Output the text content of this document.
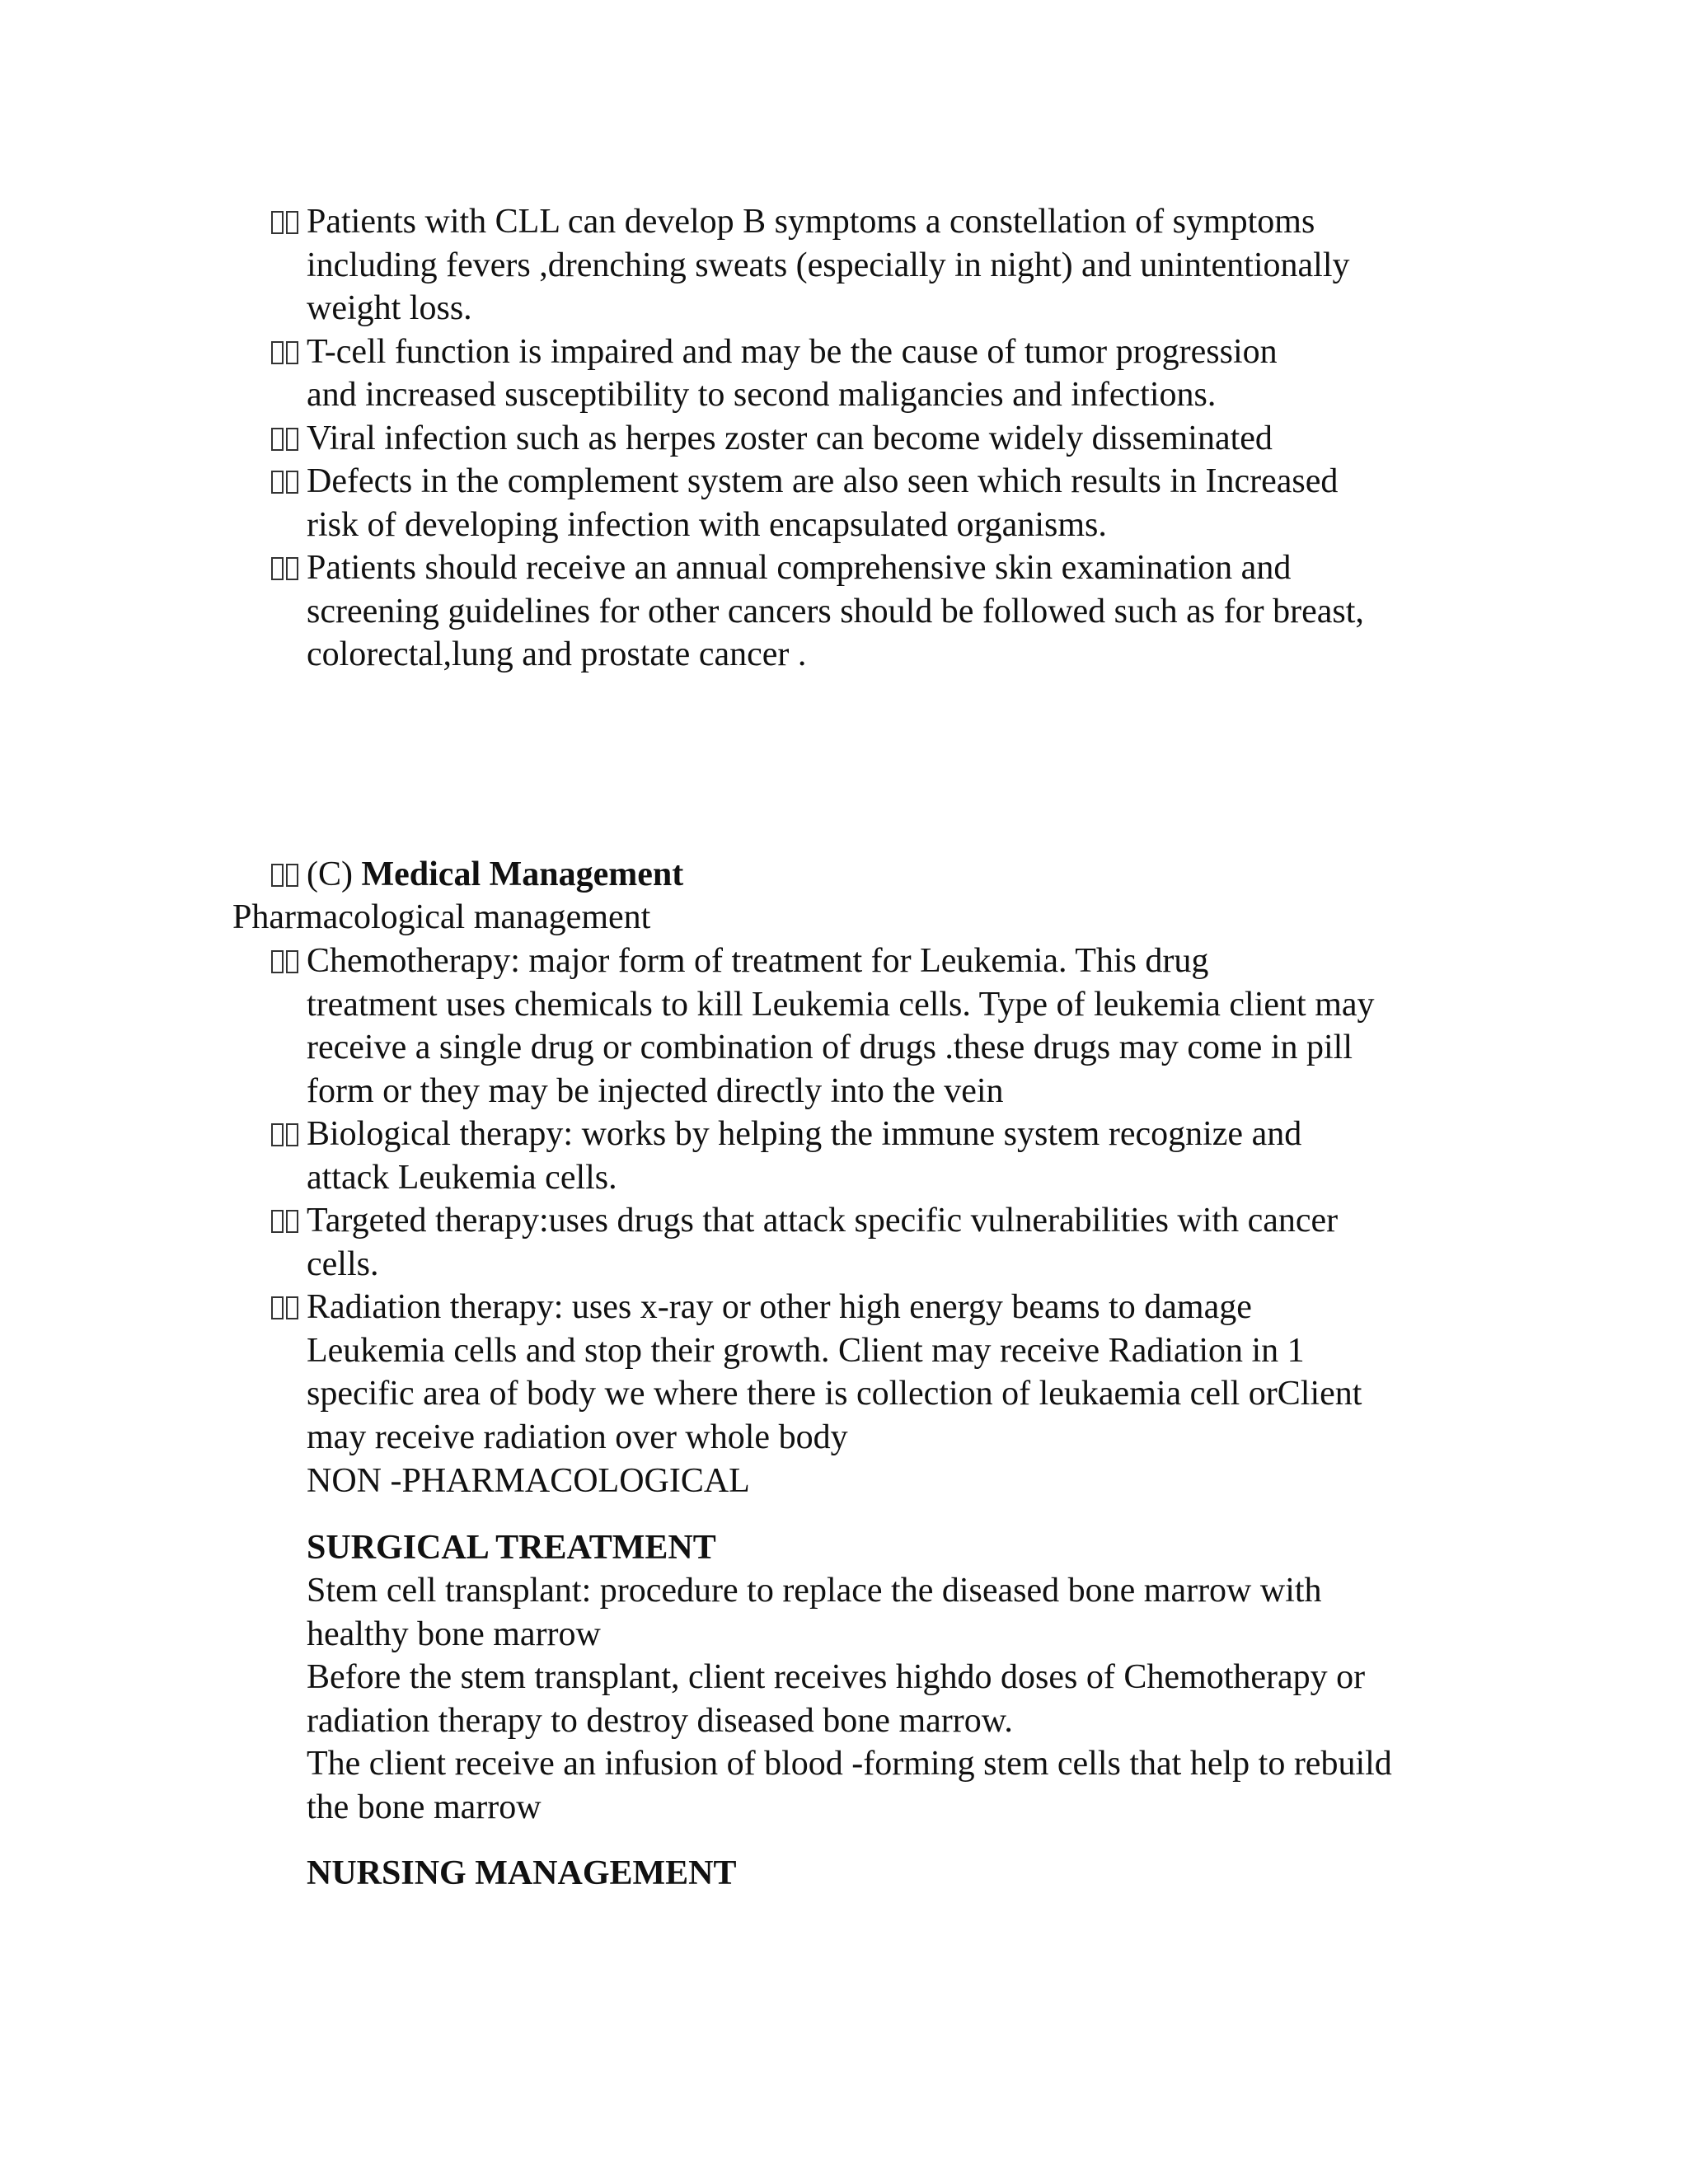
Patients with CLL can develop B symptoms a constellation of symptoms
including fevers ,drenching sweats (especially in night) and unintentionally
weight loss.
T-cell function is impaired and may be the cause of tumor progression
and increased susceptibility to second maligancies and infections.
Viral infection such as herpes zoster can become widely disseminated
Defects in the complement system are also seen which results in Increased
risk of developing infection with encapsulated organisms.
Patients should receive an annual comprehensive skin examination and
screening guidelines for other cancers should be followed such as for breast,
colorectal,lung and prostate cancer .
(C) Medical Management
Pharmacological management
Chemotherapy: major form of treatment for Leukemia. This drug
treatment uses chemicals to kill Leukemia cells. Type of leukemia client may
receive a single drug or combination of drugs .these drugs may come in pill
form or they may be injected directly into the vein
Biological therapy: works by helping the immune system recognize and
attack Leukemia cells.
Targeted therapy:uses drugs that attack specific vulnerabilities with cancer
cells.
Radiation therapy: uses x-ray or other high energy beams to damage
Leukemia cells and stop their growth. Client may receive Radiation in 1
specific area of body we where there is collection of leukaemia cell orClient
may receive radiation over whole body
NON -PHARMACOLOGICAL
SURGICAL TREATMENT
Stem cell transplant: procedure to replace the diseased bone marrow with
healthy bone marrow
Before the stem transplant, client receives highdo doses of Chemotherapy or
radiation therapy to destroy diseased bone marrow.
The client receive an infusion of blood -forming stem cells that help to rebuild
the bone marrow
NURSING MANAGEMENT
